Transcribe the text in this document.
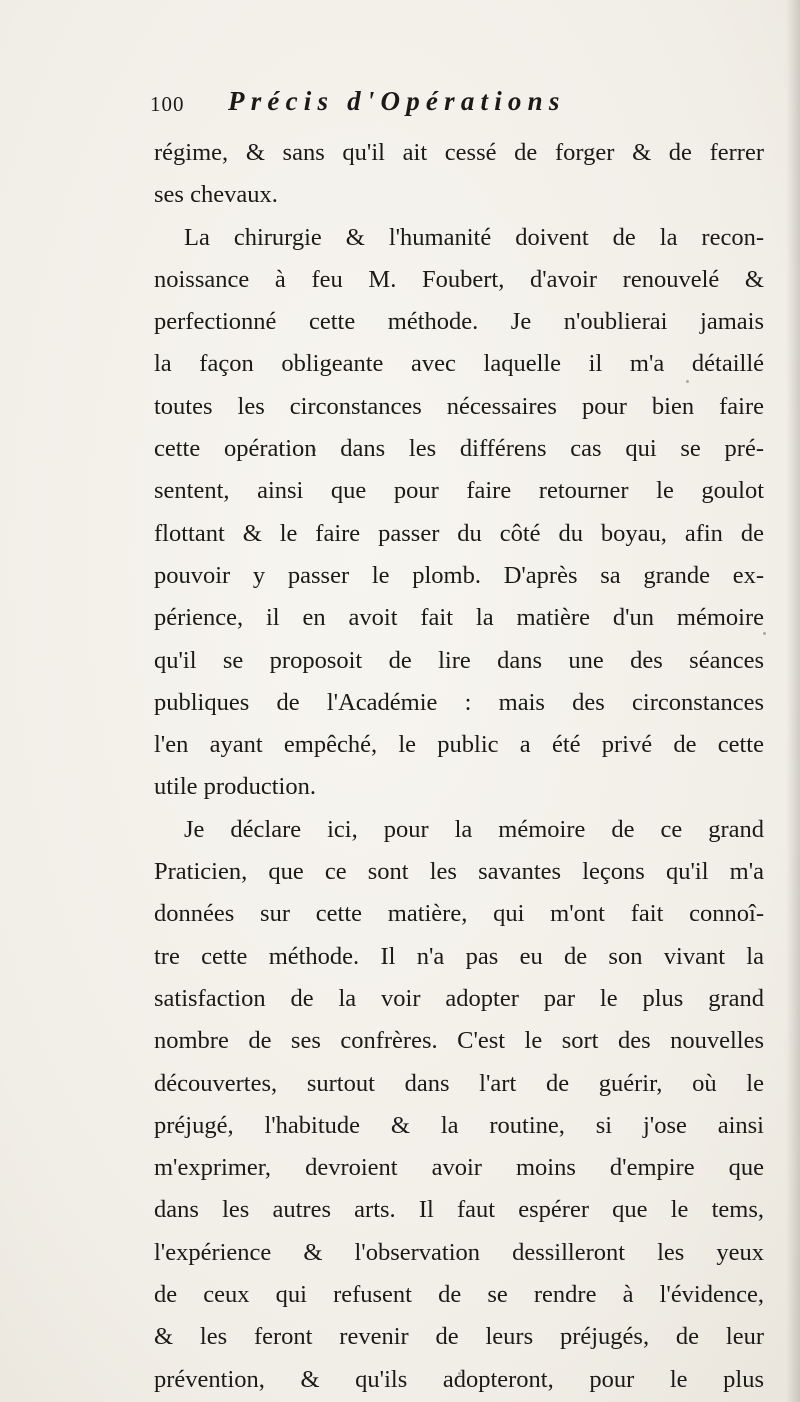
100 Précis d'Opérations
régime, & sans qu'il ait cessé de forger & de ferrer
ses chevaux.
La chirurgie & l'humanité doivent de la recon-
noissance à feu M. Foubert, d'avoir renouvelé &
perfectionné cette méthode. Je n'oublierai jamais
la façon obligeante avec laquelle il m'a détaillé
toutes les circonstances nécessaires pour bien faire
cette opération dans les différens cas qui se pré-
sentent, ainsi que pour faire retourner le goulot
flottant & le faire passer du côté du boyau, afin de
pouvoir y passer le plomb. D'après sa grande ex-
périence, il en avoit fait la matière d'un mémoire
qu'il se proposoit de lire dans une des séances
publiques de l'Académie : mais des circonstances
l'en ayant empêché, le public a été privé de cette
utile production.
Je déclare ici, pour la mémoire de ce grand
Praticien, que ce sont les savantes leçons qu'il m'a
données sur cette matière, qui m'ont fait connoî-
tre cette méthode. Il n'a pas eu de son vivant la
satisfaction de la voir adopter par le plus grand
nombre de ses confrères. C'est le sort des nouvelles
découvertes, surtout dans l'art de guérir, où le
préjugé, l'habitude & la routine, si j'ose ainsi
m'exprimer, devroient avoir moins d'empire que
dans les autres arts. Il faut espérer que le tems,
l'expérience & l'observation dessilleront les yeux
de ceux qui refusent de se rendre à l'évidence,
& les feront revenir de leurs préjugés, de leur
prévention, & qu'ils adopteront, pour le plus
